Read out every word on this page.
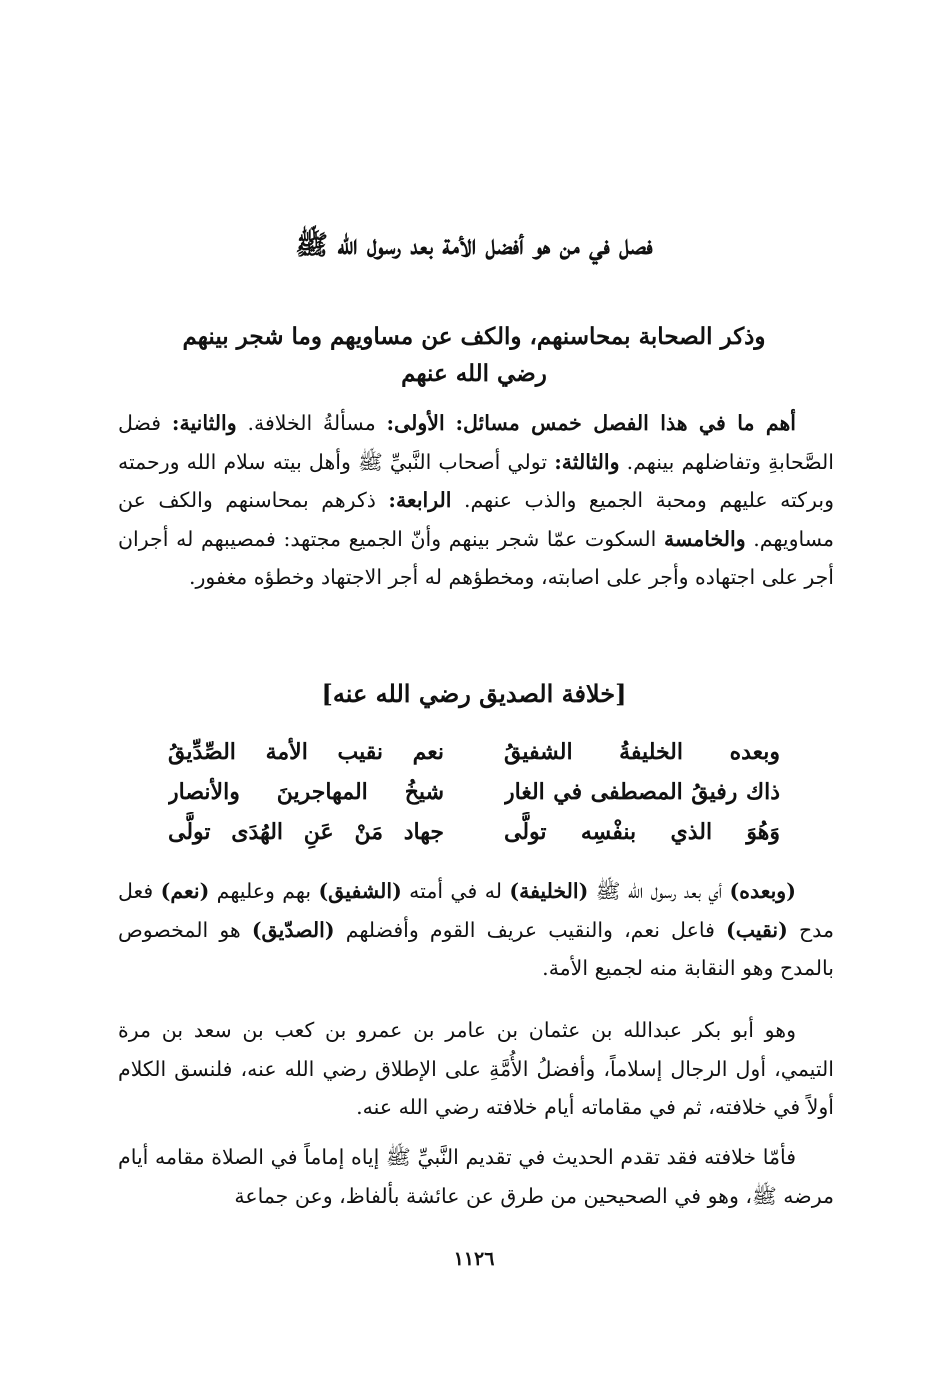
فصل في من هو أفضل الأمة بعد رسول الله ﷺ
وذكر الصحابة بمحاسنهم، والكف عن مساويهم وما شجر بينهم
رضي الله عنهم

أهم ما في هذا الفصل خمس مسائل: الأولى: مسألةُ الخلافة. والثانية: فضل الصَّحابةِ وتفاضلهم بينهم. والثالثة: تولي أصحاب النَّبيِّ ﷺ وأهل بيته سلام الله ورحمته وبركته عليهم ومحبة الجميع والذب عنهم. الرابعة: ذكرهم بمحاسنهم والكف عن مساويهم. والخامسة السكوت عمّا شجر بينهم وأنّ الجميع مجتهد: فمصيبهم له أجران أجر على اجتهاده وأجر على اصابته، ومخطؤهم له أجر الاجتهاد وخطؤه مغفور.

[خلافة الصديق رضي الله عنه]
وبعده الخليفةُ الشفيقُ
نعم نقيب الأمة الصِّدِّيقُ
ذاك رفيقُ المصطفى في الغار
شيخُ المهاجرينَ والأنصار
وَهُوَ الذي بنفْسِه تولَّى
جهاد مَنْ عَنِ الهُدَى تولَّى

(وبعده) أي بعد رسول الله ﷺ (الخليفة) له في أمته (الشفيق) بهم وعليهم (نعم) فعل مدح (نقيب) فاعل نعم، والنقيب عريف القوم وأفضلهم (الصدّيق) هو المخصوص بالمدح وهو النقابة منه لجميع الأمة.

وهو أبو بكر عبدالله بن عثمان بن عامر بن عمرو بن كعب بن سعد بن مرة التيمي، أول الرجال إسلاماً، وأفضلُ الأُمَّةِ على الإطلاق رضي الله عنه، فلنسق الكلام أولاً في خلافته، ثم في مقاماته أيام خلافته رضي الله عنه.

فأمّا خلافته فقد تقدم الحديث في تقديم النَّبيِّ ﷺ إياه إماماً في الصلاة مقامه أيام مرضه ﷺ، وهو في الصحيحين من طرق عن عائشة بألفاظ، وعن جماعة

١١٢٦
